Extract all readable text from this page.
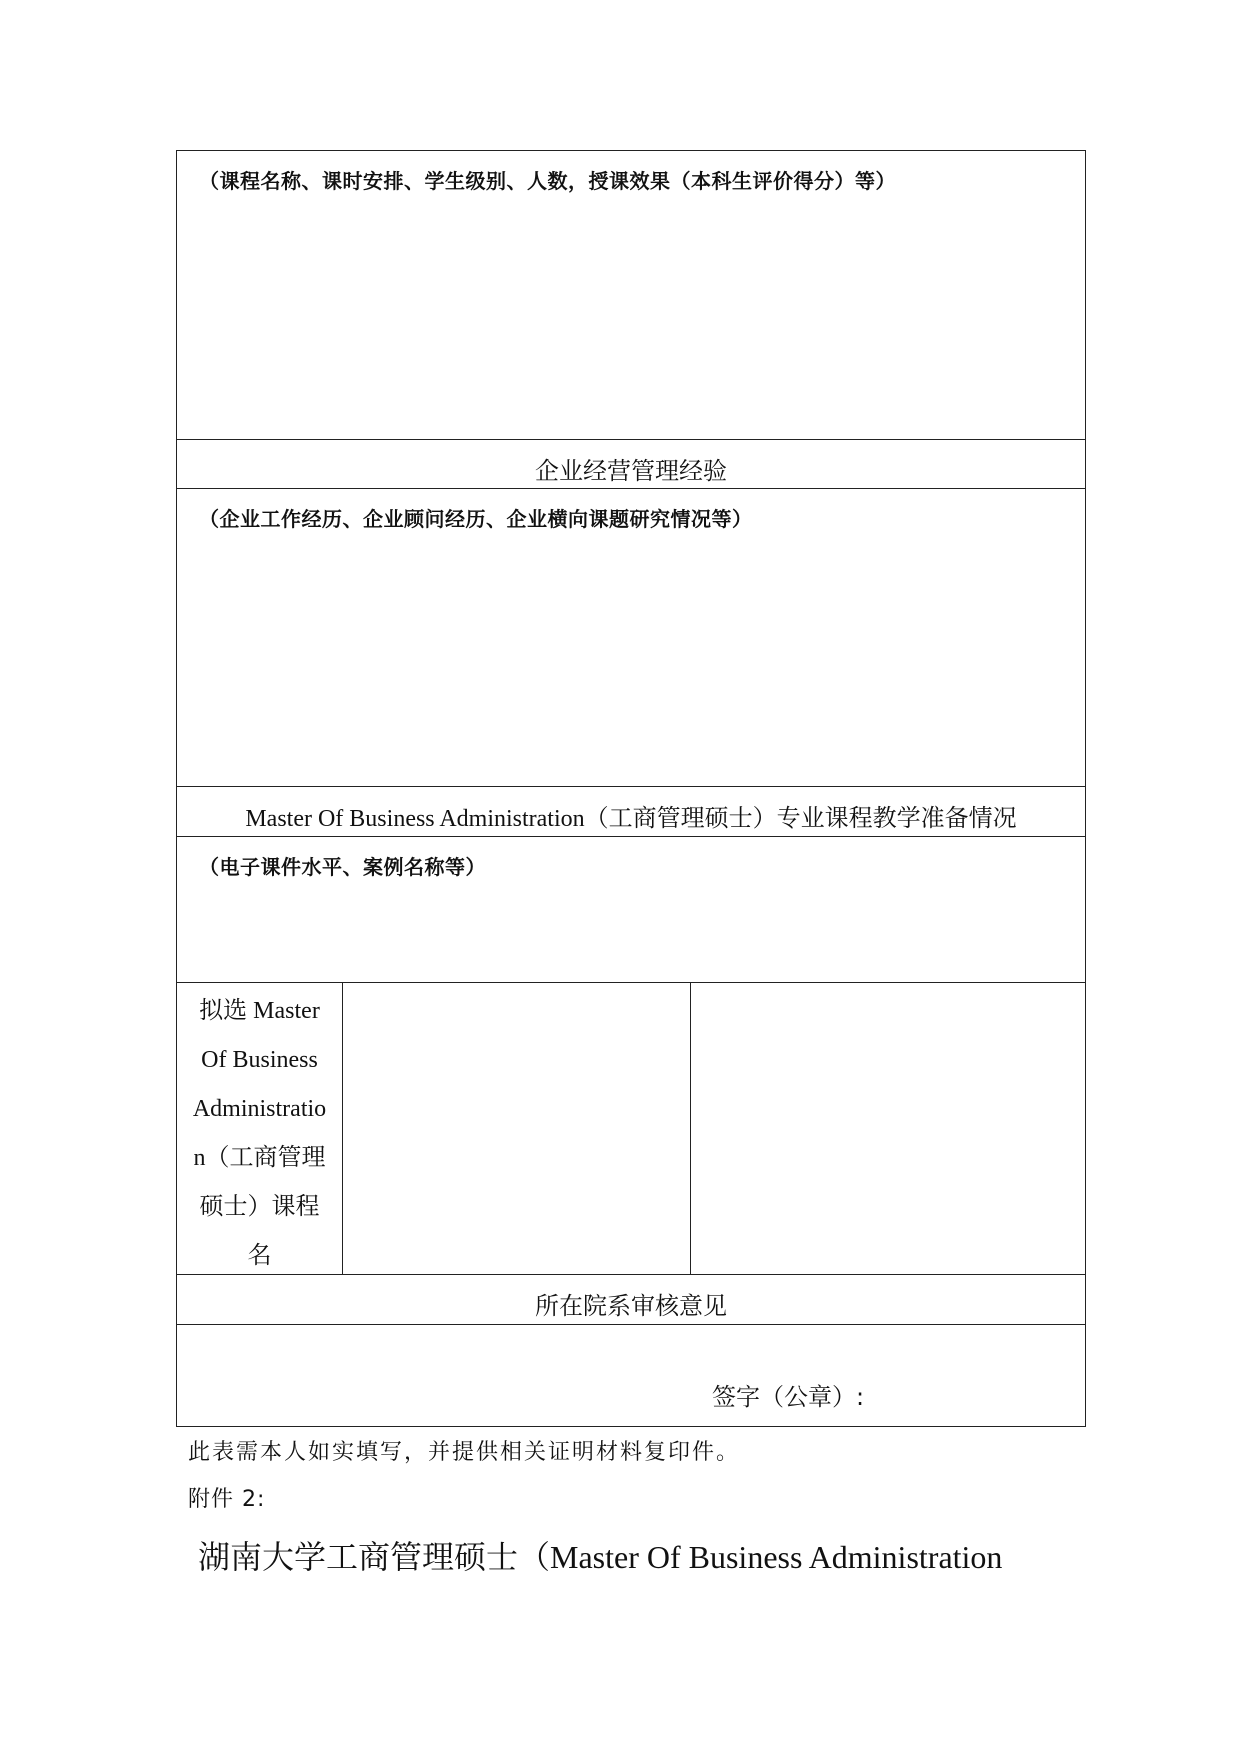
（课程名称、课时安排、学生级别、人数，授课效果（本科生评价得分）等）
企业经营管理经验
（企业工作经历、企业顾问经历、企业横向课题研究情况等）
Master Of Business Administration（工商管理硕士）专业课程教学准备情况
（电子课件水平、案例名称等）
拟选 Master
Of Business
Administratio
n（工商管理
硕士）课程
名
所在院系审核意见
签字（公章）:
此表需本人如实填写，并提供相关证明材料复印件。
附件 2:
湖南大学工商管理硕士（Master Of Business Administration
